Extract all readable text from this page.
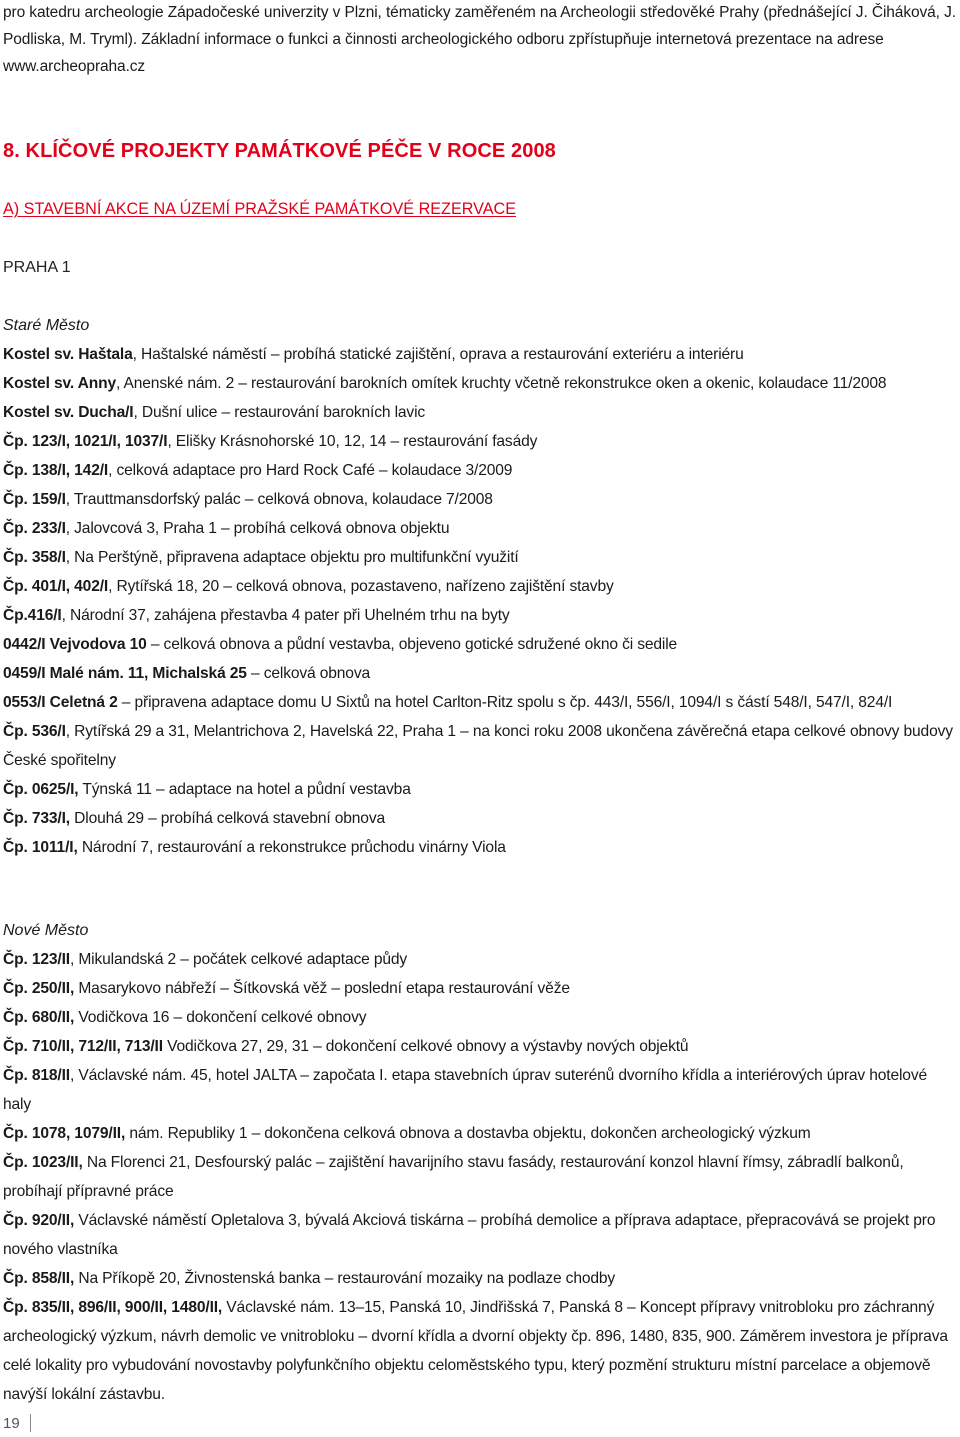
pro katedru archeologie Západočeské univerzity v Plzni, tématicky zaměřeném na Archeologii středověké Prahy (přednášející J. Čiháková, J. Podliska, M. Tryml). Základní informace o funkci a činnosti archeologického odboru zpřístupňuje internetová prezentace na adrese www.archeopraha.cz
8. KLÍČOVÉ PROJEKTY PAMÁTKOVÉ PÉČE V ROCE 2008
A) STAVEBNÍ AKCE NA ÚZEMÍ PRAŽSKÉ PAMÁTKOVÉ REZERVACE
PRAHA 1
Staré Město
Kostel sv. Haštala, Haštalské náměstí – probíhá statické zajištění, oprava a restaurování exteriéru a interiéru
Kostel sv. Anny, Anenské nám. 2 – restaurování barokních omítek kruchty včetně rekonstrukce oken a okenic, kolaudace 11/2008
Kostel sv. Ducha/I, Dušní ulice – restaurování barokních lavic
Čp. 123/I, 1021/I, 1037/I, Elišky Krásnohorské 10, 12, 14 – restaurování fasády
Čp. 138/I, 142/I, celková adaptace pro Hard Rock Café – kolaudace 3/2009
Čp. 159/I, Trauttmansdorfský palác – celková obnova, kolaudace 7/2008
Čp. 233/I, Jalovcová 3, Praha 1 – probíhá celková obnova objektu
Čp. 358/I, Na Perštýně, připravena adaptace objektu pro multifunkční využití
Čp. 401/I, 402/I, Rytířská 18, 20 – celková obnova, pozastaveno, nařízeno zajištění stavby
Čp.416/I, Národní 37, zahájena přestavba 4 pater při Uhelném trhu na byty
0442/I Vejvodova 10 – celková obnova a půdní vestavba, objeveno gotické sdružené okno či sedile
0459/I Malé nám. 11, Michalská 25 – celková obnova
0553/I Celetná 2 – připravena adaptace domu U Sixtů na hotel Carlton-Ritz spolu s čp. 443/I, 556/I, 1094/I s částí 548/I, 547/I, 824/I
Čp. 536/I, Rytířská 29 a 31, Melantrichova 2, Havelská 22, Praha 1 – na konci roku 2008 ukončena závěrečná etapa celkové obnovy budovy České spořitelny
Čp. 0625/I, Týnská 11 – adaptace na hotel a půdní vestavba
Čp. 733/I, Dlouhá 29 – probíhá celková stavební obnova
Čp. 1011/I, Národní 7, restaurování a rekonstrukce průchodu vinárny Viola
Nové Město
Čp. 123/II, Mikulandská 2 – počátek celkové adaptace půdy
Čp. 250/II, Masarykovo nábřeží – Šítkovská věž – poslední etapa restaurování věže
Čp. 680/II, Vodičkova 16 – dokončení celkové obnovy
Čp. 710/II, 712/II, 713/II Vodičkova 27, 29, 31 – dokončení celkové obnovy a výstavby nových objektů
Čp. 818/II, Václavské nám. 45, hotel JALTA – započata I. etapa stavebních úprav suterénů dvorního křídla a interiérových úprav hotelové haly
Čp. 1078, 1079/II, nám. Republiky 1 – dokončena celková obnova a dostavba objektu, dokončen archeologický výzkum
Čp. 1023/II, Na Florenci 21, Desfourský palác – zajištění havarijního stavu fasády, restaurování konzol hlavní římsy, zábradlí balkonů, probíhají přípravné práce
Čp. 920/II, Václavské náměstí Opletalova 3, bývalá Akciová tiskárna – probíhá demolice a příprava adaptace, přepracovává se projekt pro nového vlastníka
Čp. 858/II, Na Příkopě 20, Živnostenská banka – restaurování mozaiky na podlaze chodby
Čp. 835/II, 896/II, 900/II, 1480/II, Václavské nám. 13–15, Panská 10, Jindřišská 7, Panská 8 – Koncept přípravy vnitrobloku pro záchranný archeologický výzkum, návrh demolic ve vnitrobloku – dvorní křídla a dvorní objekty čp. 896, 1480, 835, 900. Záměrem investora je příprava celé lokality pro vybudování novostavby polyfunkčního objektu celoměstského typu, který pozmění strukturu místní parcelace a objemově navýší lokální zástavbu.
19
